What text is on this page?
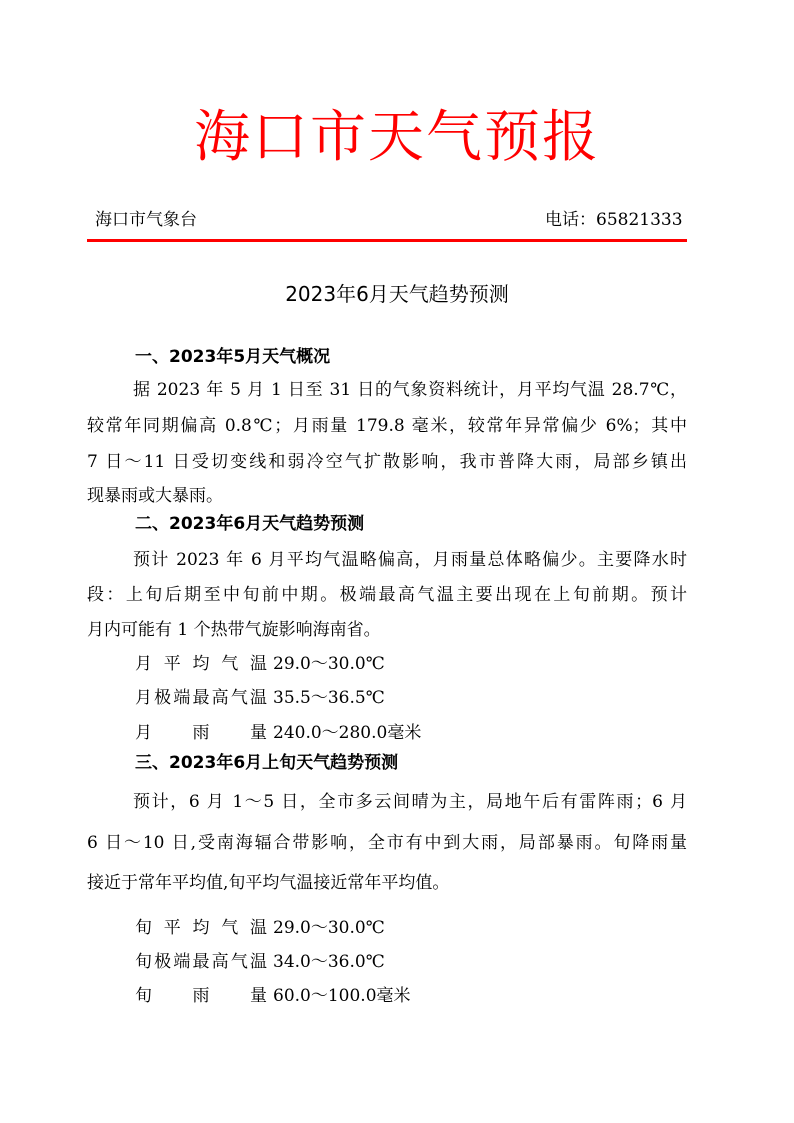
海口市天气预报
海口市气象台	电话：65821333
2023年6月天气趋势预测
一、2023年5月天气概况
据 2023 年 5 月 1 日至 31 日的气象资料统计，月平均气温 28.7℃，
较常年同期偏高 0.8℃；月雨量 179.8 毫米，较常年异常偏少 6%；其中
7 日～11 日受切变线和弱冷空气扩散影响，我市普降大雨，局部乡镇出
现暴雨或大暴雨。
二、2023年6月天气趋势预测
预计 2023 年 6 月平均气温略偏高，月雨量总体略偏少。主要降水时
段：上旬后期至中旬前中期。极端最高气温主要出现在上旬前期。预计
月内可能有 1 个热带气旋影响海南省。
月平均气温 29.0～30.0℃
月极端最高气温 35.5～36.5℃
月雨量 240.0～280.0毫米
三、2023年6月上旬天气趋势预测
预计，6 月 1～5 日，全市多云间晴为主，局地午后有雷阵雨；6 月
6 日～10 日,受南海辐合带影响，全市有中到大雨，局部暴雨。旬降雨量
接近于常年平均值,旬平均气温接近常年平均值。
旬平均气温 29.0～30.0℃
旬极端最高气温 34.0～36.0℃
旬雨量 60.0～100.0毫米
